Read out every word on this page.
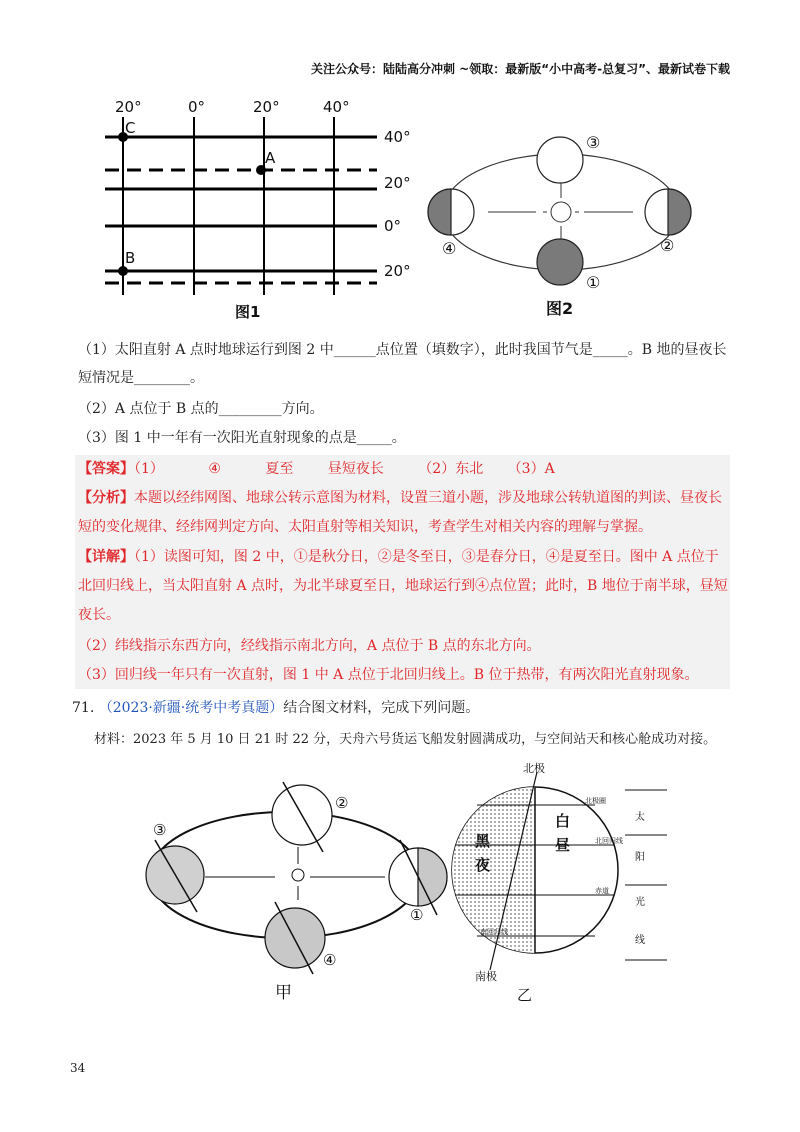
关注公众号：陆陆高分冲刺 ~领取：最新版“小中高考-总复习”、最新试卷下载
20°	0°	20°	40°
40°
20°
0°
20°
C
A
B
图1
①
②
③
④
图2
（1）太阳直射 A 点时地球运行到图 2 中______点位置（填数字），此时我国节气是_____。B 地的昼夜长短情况是________。
（2）A 点位于 B 点的_________方向。
（3）图 1 中一年有一次阳光直射现象的点是_____。
【答案】（1）	④	夏至 昼短夜长 （2）东北 （3）A
【分析】本题以经纬网图、地球公转示意图为材料，设置三道小题，涉及地球公转轨道图的判读、昼夜长短的变化规律、经纬网判定方向、太阳直射等相关知识，考查学生对相关内容的理解与掌握。
【详解】（1）读图可知，图 2 中，①是秋分日，②是冬至日，③是春分日，④是夏至日。图中 A 点位于北回归线上，当太阳直射 A 点时，为北半球夏至日，地球运行到④点位置；此时，B 地位于南半球，昼短夜长。
（2）纬线指示东西方向，经线指示南北方向，A 点位于 B 点的东北方向。
（3）回归线一年只有一次直射，图 1 中 A 点位于北回归线上。B 位于热带，有两次阳光直射现象。
71. （2023·新疆·统考中考真题）结合图文材料，完成下列问题。
材料：2023 年 5 月 10 日 21 时 22 分，天舟六号货运飞船发射圆满成功，与空间站天和核心舱成功对接。
②
③
①
④
甲
北极
南极
黑
夜
白
昼
北极圈
北回归线
赤道
南回归线
太
阳
光
线
乙
34
